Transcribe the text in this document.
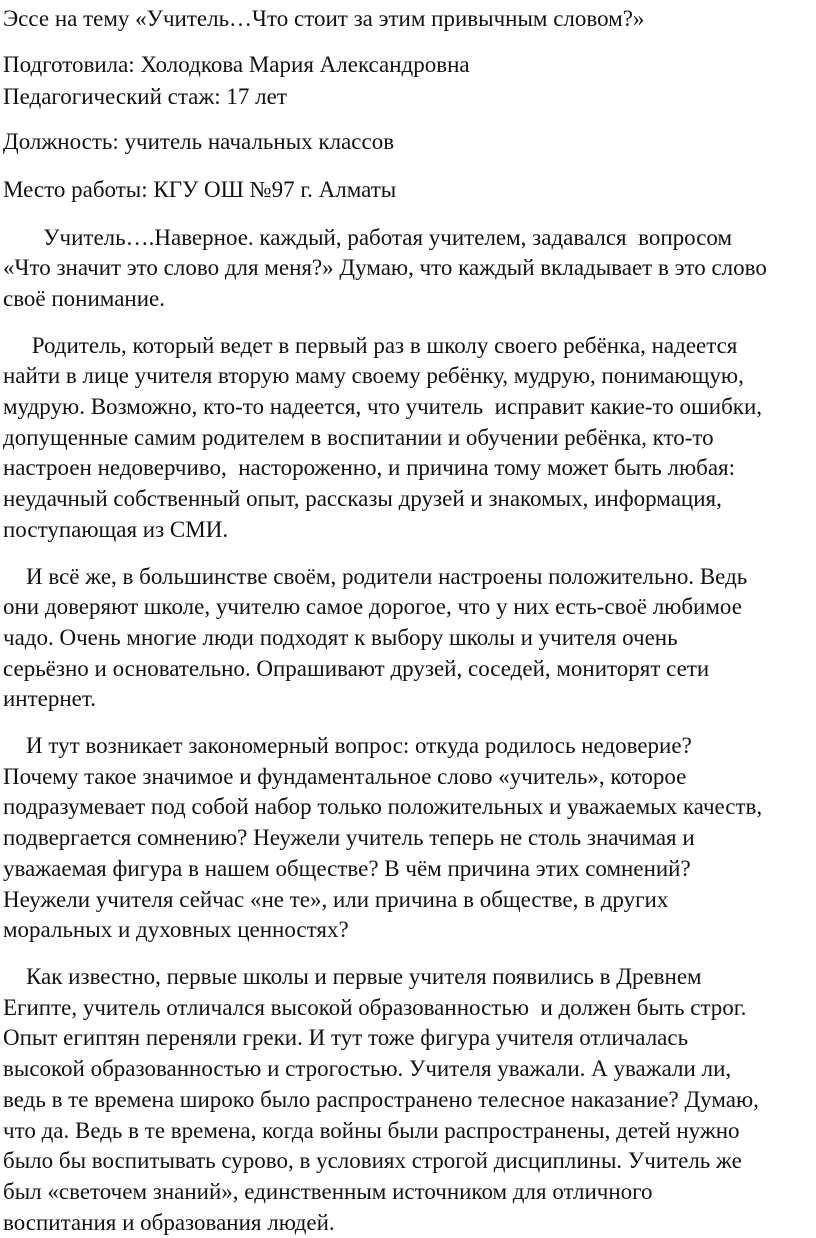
Эссе на тему «Учитель…Что стоит за этим привычным словом?»
Подготовила: Холодкова Мария Александровна
Педагогический стаж: 17 лет
Должность: учитель начальных классов
Место работы: КГУ ОШ №97 г. Алматы
Учитель….Наверное. каждый, работая учителем, задавался  вопросом
«Что значит это слово для меня?» Думаю, что каждый вкладывает в это слово
своё понимание.
Родитель, который ведет в первый раз в школу своего ребёнка, надеется
найти в лице учителя вторую маму своему ребёнку, мудрую, понимающую,
мудрую. Возможно, кто-то надеется, что учитель  исправит какие-то ошибки,
допущенные самим родителем в воспитании и обучении ребёнка, кто-то
настроен недоверчиво,  настороженно, и причина тому может быть любая:
неудачный собственный опыт, рассказы друзей и знакомых, информация,
поступающая из СМИ.
И всё же, в большинстве своём, родители настроены положительно. Ведь
они доверяют школе, учителю самое дорогое, что у них есть-своё любимое
чадо. Очень многие люди подходят к выбору школы и учителя очень
серьёзно и основательно. Опрашивают друзей, соседей, мониторят сети
интернет.
И тут возникает закономерный вопрос: откуда родилось недоверие?
Почему такое значимое и фундаментальное слово «учитель», которое
подразумевает под собой набор только положительных и уважаемых качеств,
подвергается сомнению? Неужели учитель теперь не столь значимая и
уважаемая фигура в нашем обществе? В чём причина этих сомнений?
Неужели учителя сейчас «не те», или причина в обществе, в других
моральных и духовных ценностях?
Как известно, первые школы и первые учителя появились в Древнем
Египте, учитель отличался высокой образованностью  и должен быть строг.
Опыт египтян переняли греки. И тут тоже фигура учителя отличалась
высокой образованностью и строгостью. Учителя уважали. А уважали ли,
ведь в те времена широко было распространено телесное наказание? Думаю,
что да. Ведь в те времена, когда войны были распространены, детей нужно
было бы воспитывать сурово, в условиях строгой дисциплины. Учитель же
был «светочем знаний», единственным источником для отличного
воспитания и образования людей.
